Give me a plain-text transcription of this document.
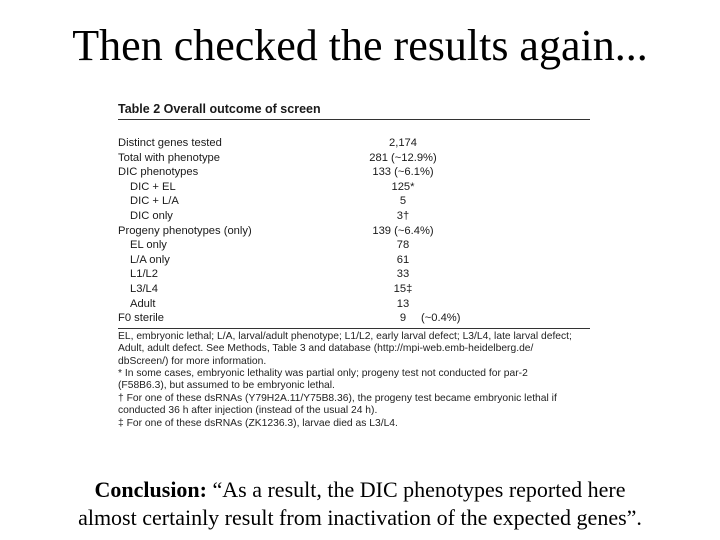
Then checked the results again...
Table 2 Overall outcome of screen
Distinct genes tested	2,174
Total with phenotype	281 (~12.9%)
DIC phenotypes	133 (~6.1%)
DIC + EL	125*
DIC + L/A	5
DIC only	3†
Progeny phenotypes (only)	139 (~6.4%)
EL only	78
L/A only	61
L1/L2	33
L3/L4	15‡
Adult	13
F0 sterile	9	(~0.4%)
EL, embryonic lethal; L/A, larval/adult phenotype; L1/L2, early larval defect; L3/L4, late larval defect;
Adult, adult defect. See Methods, Table 3 and database (http://mpi-web.emb-heidelberg.de/
dbScreen/) for more information.
* In some cases, embryonic lethality was partial only; progeny test not conducted for par-2
(F58B6.3), but assumed to be embryonic lethal.
† For one of these dsRNAs (Y79H2A.11/Y75B8.36), the progeny test became embryonic lethal if
conducted 36 h after injection (instead of the usual 24 h).
‡ For one of these dsRNAs (ZK1236.3), larvae died as L3/L4.
Conclusion: “As a result, the DIC phenotypes reported here
almost certainly result from inactivation of the expected genes”.
